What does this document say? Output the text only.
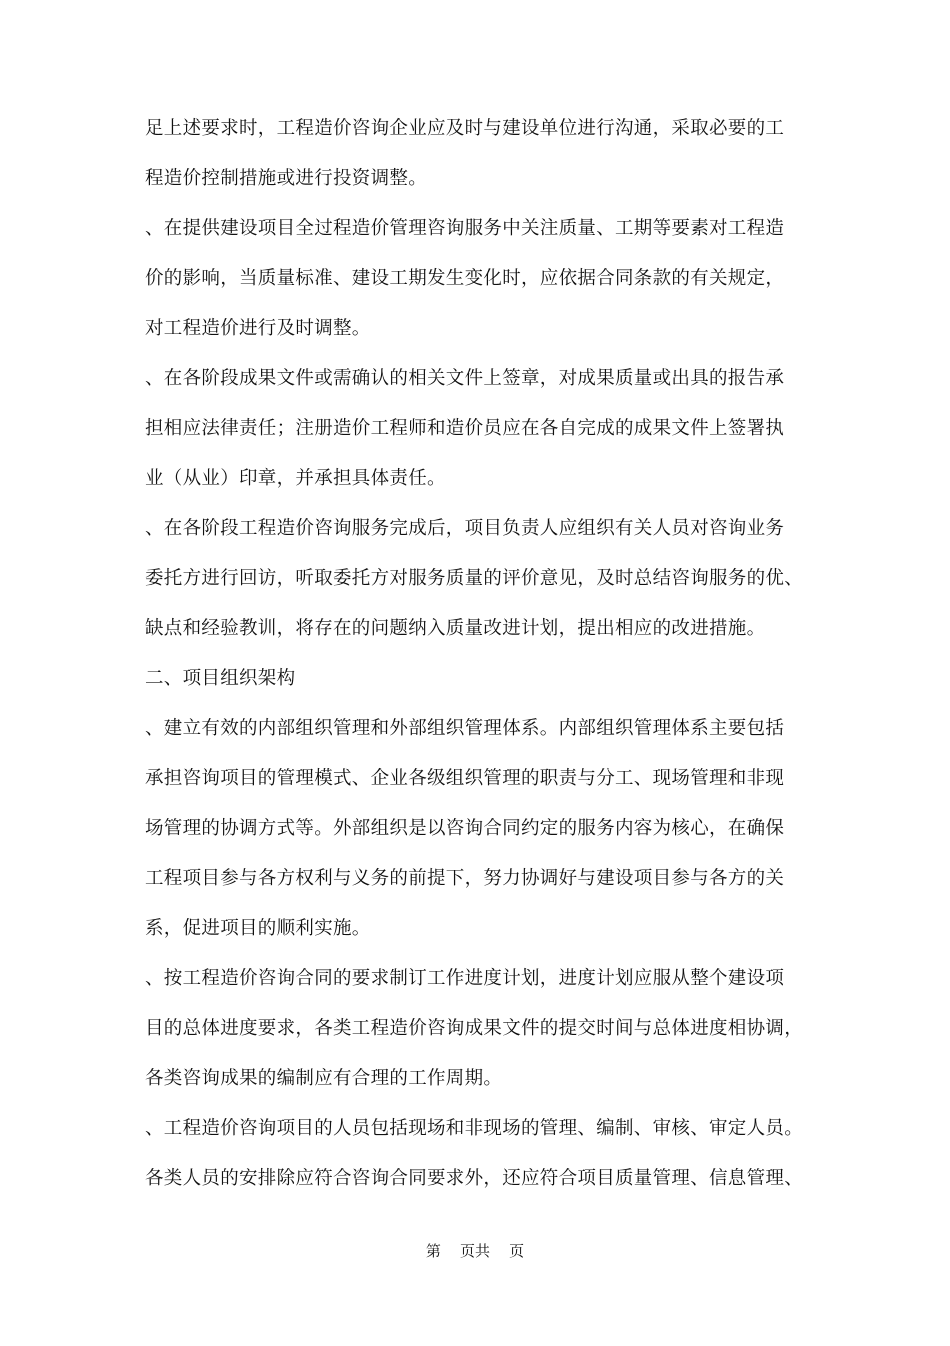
足上述要求时，工程造价咨询企业应及时与建设单位进行沟通，采取必要的工
程造价控制措施或进行投资调整。
、在提供建设项目全过程造价管理咨询服务中关注质量、工期等要素对工程造
价的影响，当质量标准、建设工期发生变化时，应依据合同条款的有关规定，
对工程造价进行及时调整。
、在各阶段成果文件或需确认的相关文件上签章，对成果质量或出具的报告承
担相应法律责任；注册造价工程师和造价员应在各自完成的成果文件上签署执
业（从业）印章，并承担具体责任。
、在各阶段工程造价咨询服务完成后，项目负责人应组织有关人员对咨询业务
委托方进行回访，听取委托方对服务质量的评价意见，及时总结咨询服务的优、
缺点和经验教训，将存在的问题纳入质量改进计划，提出相应的改进措施。
二、项目组织架构
、建立有效的内部组织管理和外部组织管理体系。内部组织管理体系主要包括
承担咨询项目的管理模式、企业各级组织管理的职责与分工、现场管理和非现
场管理的协调方式等。外部组织是以咨询合同约定的服务内容为核心，在确保
工程项目参与各方权利与义务的前提下，努力协调好与建设项目参与各方的关
系，促进项目的顺利实施。
、按工程造价咨询合同的要求制订工作进度计划，进度计划应服从整个建设项
目的总体进度要求，各类工程造价咨询成果文件的提交时间与总体进度相协调，
各类咨询成果的编制应有合理的工作周期。
、工程造价咨询项目的人员包括现场和非现场的管理、编制、审核、审定人员。
各类人员的安排除应符合咨询合同要求外，还应符合项目质量管理、信息管理、
第    页共    页
